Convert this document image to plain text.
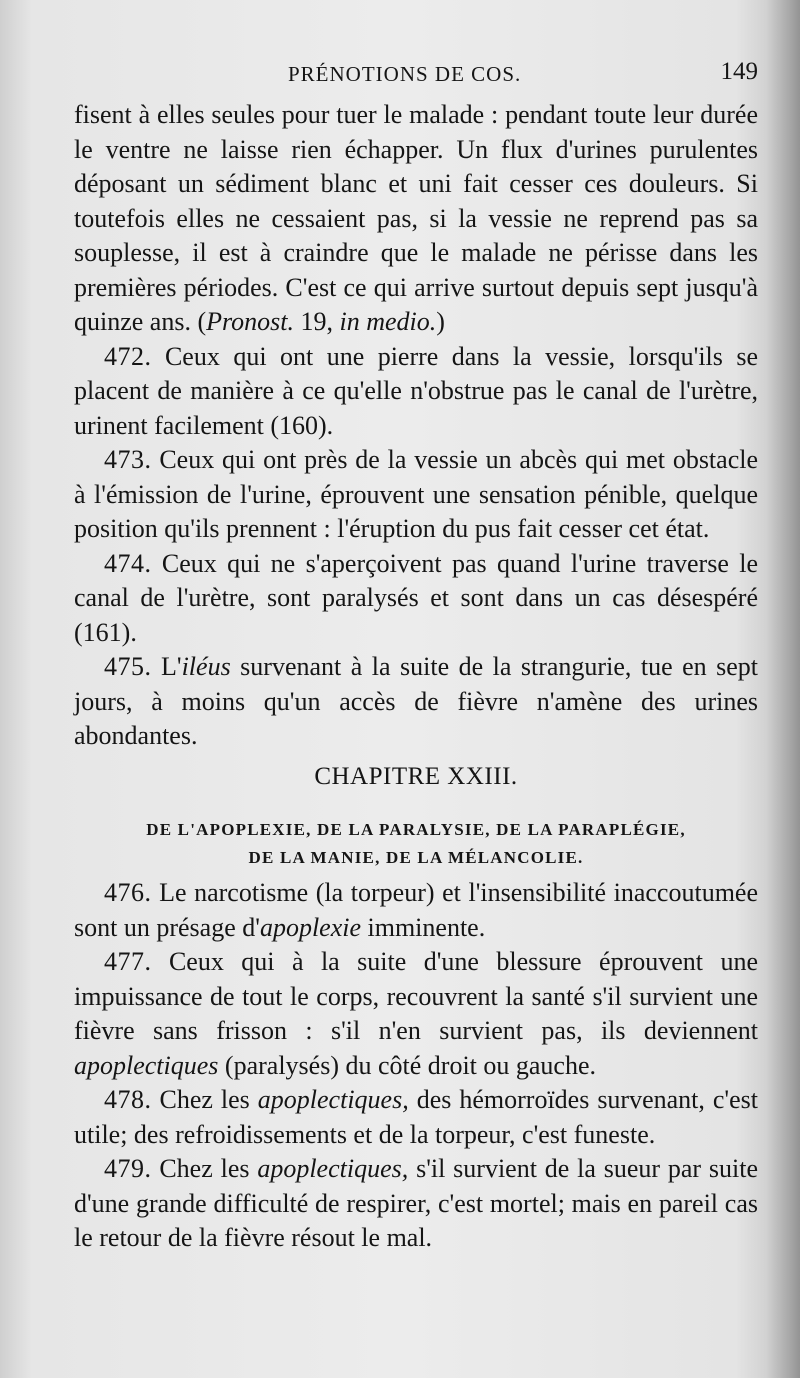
PRÉNOTIONS DE COS.	149

fisent à elles seules pour tuer le malade : pendant toute leur durée le ventre ne laisse rien échapper. Un flux d'urines purulentes déposant un sédiment blanc et uni fait cesser ces douleurs. Si toutefois elles ne cessaient pas, si la vessie ne reprend pas sa souplesse, il est à craindre que le malade ne périsse dans les premières périodes. C'est ce qui arrive surtout depuis sept jusqu'à quinze ans. (Pronost. 19, in medio.)

472. Ceux qui ont une pierre dans la vessie, lorsqu'ils se placent de manière à ce qu'elle n'obstrue pas le canal de l'urètre, urinent facilement (160).

473. Ceux qui ont près de la vessie un abcès qui met obstacle à l'émission de l'urine, éprouvent une sensation pénible, quelque position qu'ils prennent : l'éruption du pus fait cesser cet état.

474. Ceux qui ne s'aperçoivent pas quand l'urine traverse le canal de l'urètre, sont paralysés et sont dans un cas désespéré (161).

475. L'iléus survenant à la suite de la strangurie, tue en sept jours, à moins qu'un accès de fièvre n'amène des urines abondantes.

CHAPITRE XXIII.
DE L'APOPLEXIE, DE LA PARALYSIE, DE LA PARAPLÉGIE,
DE LA MANIE, DE LA MÉLANCOLIE.

476. Le narcotisme (la torpeur) et l'insensibilité inaccoutumée sont un présage d'apoplexie imminente.

477. Ceux qui à la suite d'une blessure éprouvent une impuissance de tout le corps, recouvrent la santé s'il survient une fièvre sans frisson : s'il n'en survient pas, ils deviennent apoplectiques (paralysés) du côté droit ou gauche.

478. Chez les apoplectiques, des hémorroïdes survenant, c'est utile; des refroidissements et de la torpeur, c'est funeste.

479. Chez les apoplectiques, s'il survient de la sueur par suite d'une grande difficulté de respirer, c'est mortel; mais en pareil cas le retour de la fièvre résout le mal.
